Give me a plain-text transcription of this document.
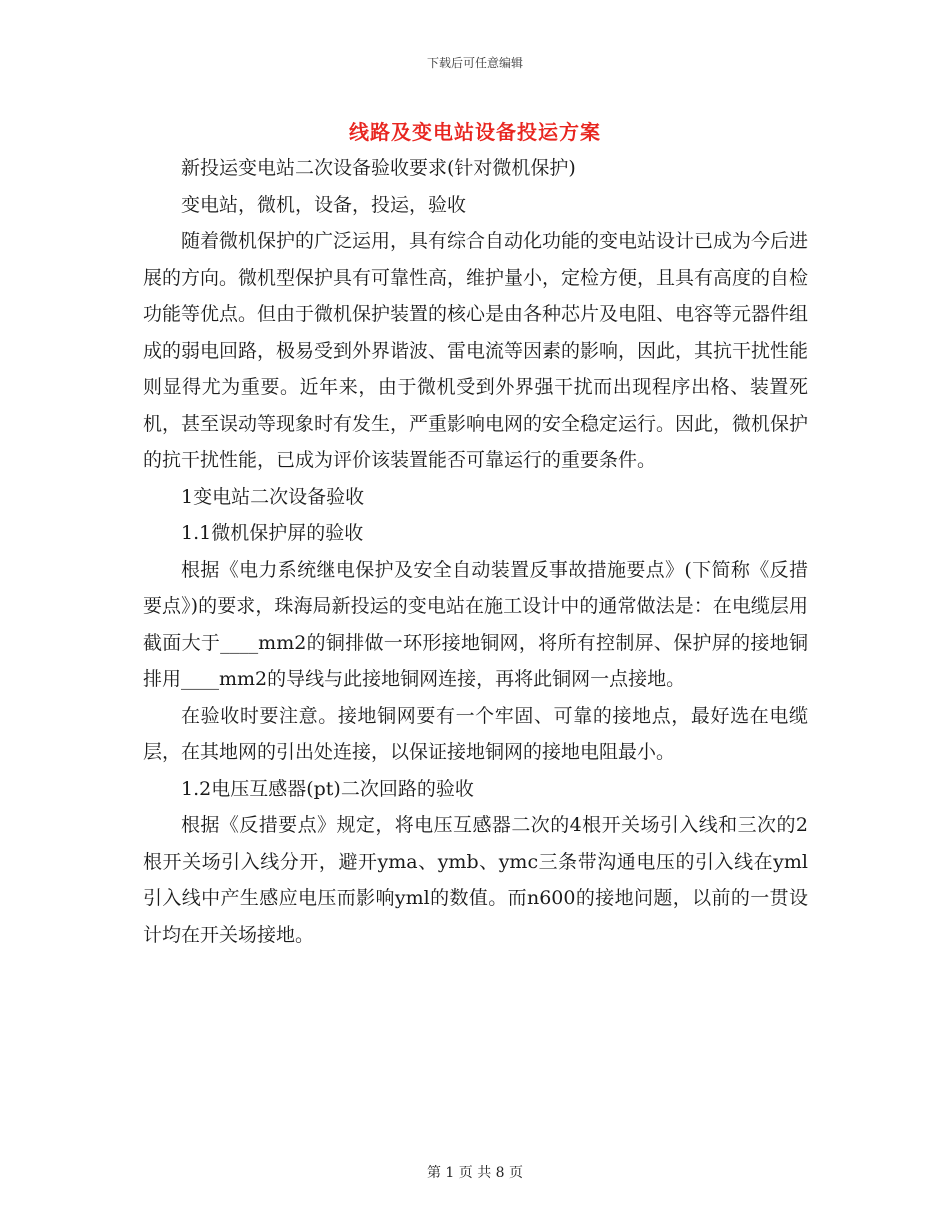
下载后可任意编辑
线路及变电站设备投运方案

新投运变电站二次设备验收要求(针对微机保护)

变电站，微机，设备，投运，验收

随着微机保护的广泛运用，具有综合自动化功能的变电站设计已成为今后进展的方向。微机型保护具有可靠性高，维护量小，定检方便，且具有高度的自检功能等优点。但由于微机保护装置的核心是由各种芯片及电阻、电容等元器件组成的弱电回路，极易受到外界谐波、雷电流等因素的影响，因此，其抗干扰性能则显得尤为重要。近年来，由于微机受到外界强干扰而出现程序出格、装置死机，甚至误动等现象时有发生，严重影响电网的安全稳定运行。因此，微机保护的抗干扰性能，已成为评价该装置能否可靠运行的重要条件。

1变电站二次设备验收

1.1微机保护屏的验收

根据《电力系统继电保护及安全自动装置反事故措施要点》(下简称《反措要点》)的要求，珠海局新投运的变电站在施工设计中的通常做法是：在电缆层用截面大于____mm2的铜排做一环形接地铜网，将所有控制屏、保护屏的接地铜排用____mm2的导线与此接地铜网连接，再将此铜网一点接地。

在验收时要注意。接地铜网要有一个牢固、可靠的接地点，最好选在电缆层，在其地网的引出处连接，以保证接地铜网的接地电阻最小。

1.2电压互感器(pt)二次回路的验收

根据《反措要点》规定，将电压互感器二次的4根开关场引入线和三次的2根开关场引入线分开，避开yma、ymb、ymc三条带沟通电压的引入线在yml引入线中产生感应电压而影响yml的数值。而n600的接地问题，以前的一贯设计均在开关场接地。

第 1 页 共 8 页
